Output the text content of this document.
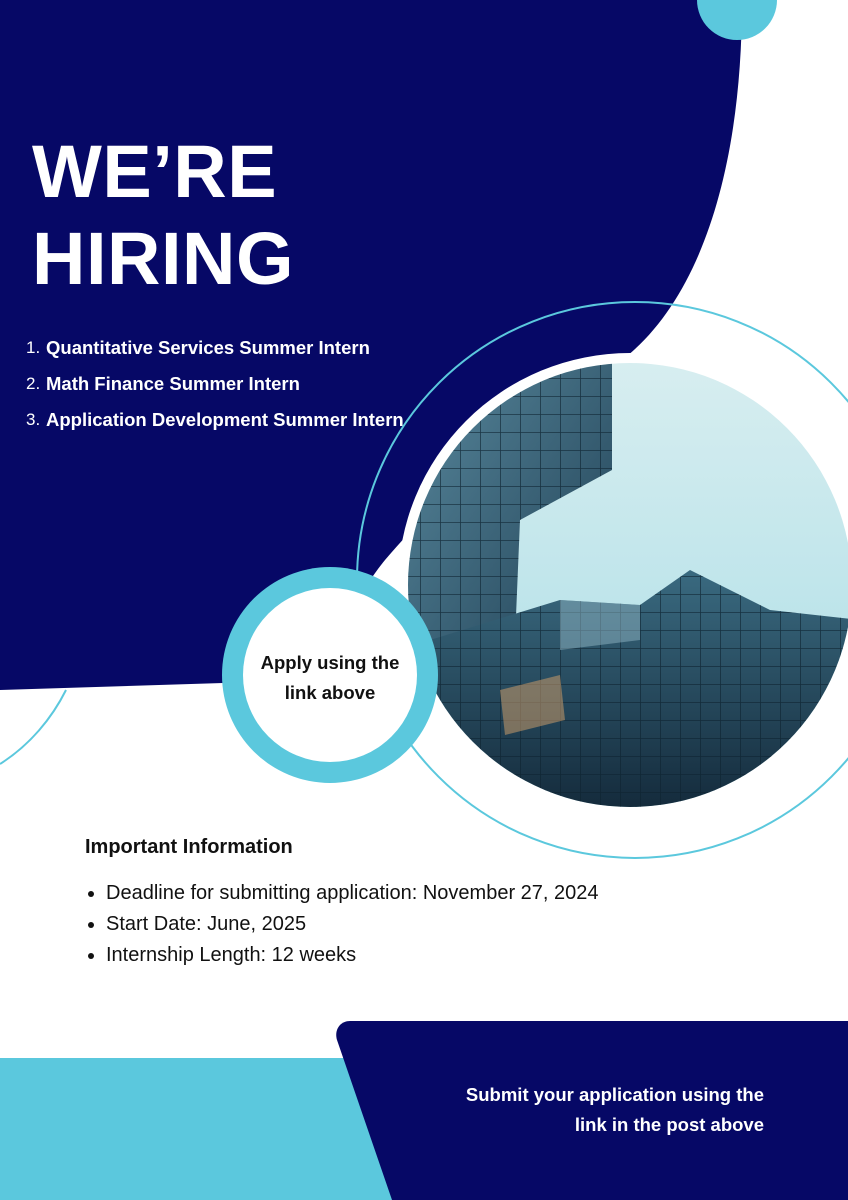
WE’RE
HIRING
1. Quantitative Services Summer Intern
2. Math Finance Summer Intern
3. Application Development Summer Intern
Apply using the
link above
Important Information
Deadline for submitting application: November 27, 2024
Start Date: June, 2025
Internship Length: 12 weeks
Submit your application using the
link in the post above
